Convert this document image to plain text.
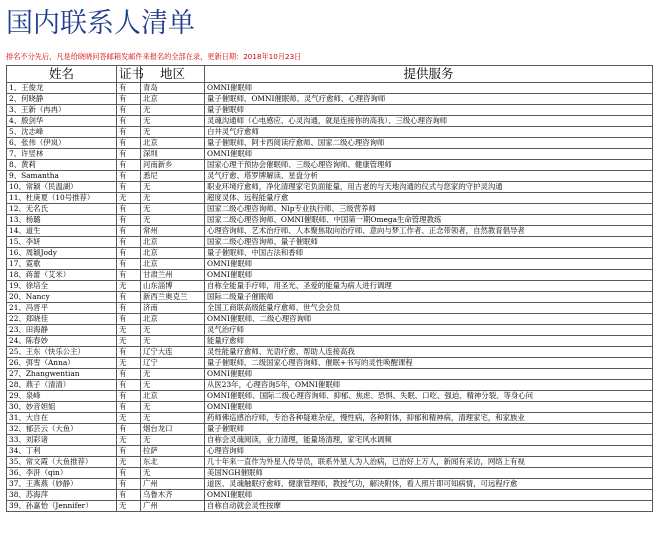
国内联系人清单
排名不分先后，凡是给晓晓问答邮箱发邮件来报名的全部在录，更新日期：2018年10月23日
姓名	证书	地区	提供服务
1、王俊龙	有	青岛	OMNI催眠师
2、何晓静	有	北京	量子催眠师、OMNI催眠师、灵气疗愈师、心理咨询师
3、王新（冉冉）	有	无	量子催眠师
4、殷剑华	有	无	灵魂沟通师（心电感应、心灵沟通，就是连接你的高我）、三级心理咨询师
5、沈志峰	有	无	白井灵气疗愈师
6、张伟（伊岚）	有	北京	量子催眠师、阿卡西阅读疗愈师、国家二级心理咨询师
7、许竖林	有	深圳	OMNI催眠师
8、黄莉	有	河南新乡	国家心理干预协会催眠师、三级心理咨询师、健康管理师
9、Samantha	有	悉尼	灵气疗愈、塔罗牌解读、星盘分析
10、常颖（民温湖）	有	无	职业环境疗愈师，净化清理家宅负面能量，用古老的与天地沟通的仪式与您家的守护灵沟通
11、杜庚夏（10号推荐）	无	无	超度灵体、远程能量疗愈
12、无名氏	有	无	国家二级心理咨询师、Nlp专业执行师、三级营养师
13、杨璐	有	无	国家二级心理咨询师、OMNI催眠师、中国第一期Omega生命管理教练
14、道生	有	常州	心理咨询师、艺术治疗师、人本聚焦取向治疗师、意向与梦工作者、正念带领者，自然教育倡导者
15、李妍	有	北京	国家二级心理咨询师、量子催眠师
16、周颖Jody	有	北京	量子催眠师、中国古法和香师
17、霓歌	有	北京	OMNI催眠师
18、蒋蕾（艾米）	有	甘肃兰州	OMNI催眠师
19、徐培全	无	山东淄博	自称全能量手疗师，用圣光、圣爱的能量为病人进行调理
20、Nancy	有	新西兰奥克兰	国际二级量子催眠师
21、冯晋平	有	济南	全国工商联高级能量疗愈师、世气会会员
22、郑晓佳	有	北京	OMNI催眠师、二级心理咨询师
23、田海静	无	无	灵气治疗师
24、陈春妙	无	无	能量疗愈师
25、王东（快乐公主）	有	辽宁大连	灵性能量疗愈师、光语疗愈、帮助人连接高我
26、弭雪（Anna）	无	辽宁	量子催眠师、二级国家心理咨询师、催眠+书写的灵性唤醒课程
27、Zhangwentian	有	无	OMNI催眠师
28、燕子（清清）	有	无	从医23年，心理咨询5年，OMNI催眠师
29、泉峰	有	北京	OMNI催眠师、国际二级心理咨询师、抑郁、焦虑、恐惧、失眠、口吃、强迫、精神分裂、等身心问
30、妙音妲姐	有	无	OMNI催眠师
31、大自在	无	无	药师佛巡感治疗师，专治各种疑难杂症，慢性病，各种附体，抑郁和精神病，清理家宅，和家族业
32、郁芸云（大鱼）	有	烟台龙口	量子催眠师
33、刘彩诸	无	无	自称会灵魂阅读，业力清理，能量场清理，家宅风水调频
34、丁利	有	拉萨	心理咨询师
35、常文霞（大鱼推荐）	无	东北	几十年来一直作为外星人传导员，联系外星人为人治病，已治好上万人，新闻有采访，网络上有视
36、李汧（qin）	有	无	美国NGH催眠师
37、王燕燕（妙静）	有	广州	道医、灵魂触眠疗愈师、健康管理师，教授气功，解决附体，看人照片即可知病情，可远程疗愈
38、苏海萍	有	乌鲁木齐	OMNI催眠师
39、孙嘉怡（Jennifer）	无	广州	自称自动就会灵性按摩
